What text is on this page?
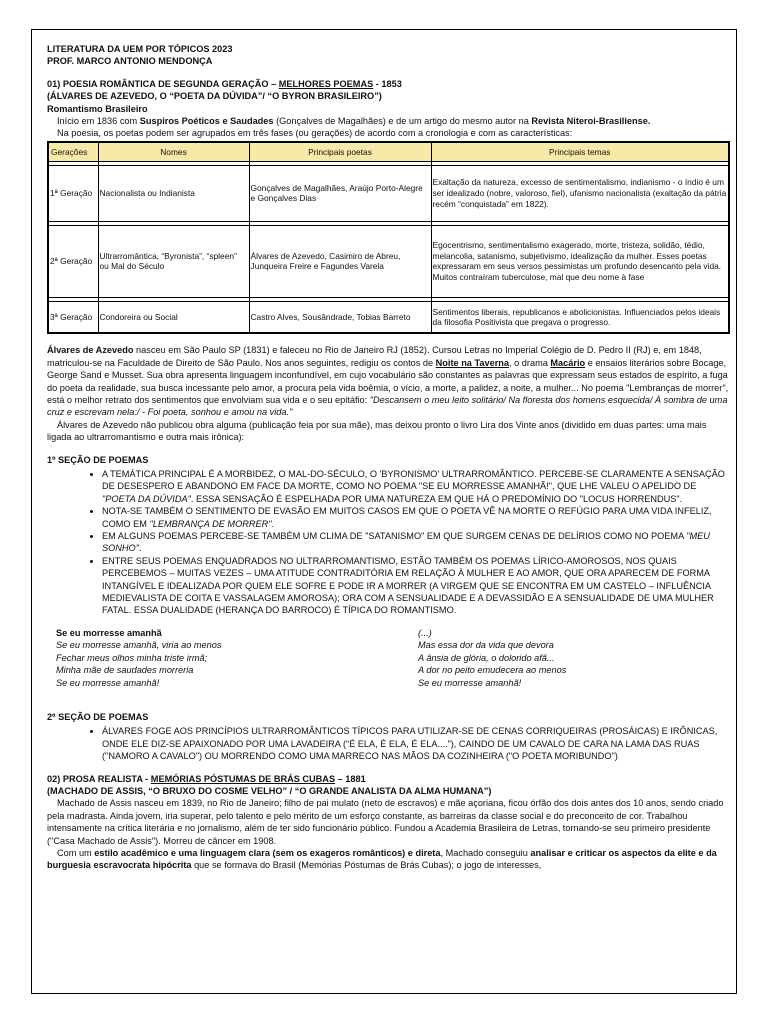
LITERATURA DA UEM POR TÓPICOS 2023

PROF. MARCO ANTONIO MENDONÇA

01) POESIA ROMÂNTICA DE SEGUNDA GERAÇÃO – MELHORES POEMAS - 1853

(ÁLVARES DE AZEVEDO, O “POETA DA DÚVIDA”/ “O BYRON BRASILEIRO”)

Romantismo Brasileiro

Início em 1836 com Suspiros Poéticos e Saudades (Gonçalves de Magalhães) e de um artigo do mesmo autor na Revista Niteroi-Brasiliense.

Na poesia, os poetas podem ser agrupados em três fases (ou gerações) de acordo com a cronologia e com as características:

Gerações	Nomes	Principais poetas	Principais temas

1ª Geração	Nacionalista ou Indianista	Gonçalves de Magalhães, Araújo Porto-Alegre e Gonçalves Dias	Exaltação da natureza, excesso de sentimentalismo, indianismo - o índio é um ser idealizado (nobre, valoroso, fiel), ufanismo nacionalista (exaltação da pátria recém “conquistada” em 1822).

2ª Geração	Ultrarromântica, “Byronista”, “spleen” ou Mal do Século	Álvares de Azevedo, Casimiro de Abreu, Junqueira Freire e Fagundes Varela	Egocentrismo, sentimentalismo exagerado, morte, tristeza, solidão, tédio, melancolia, satanismo, subjetivismo, idealização da mulher. Esses poetas expressaram em seus versos pessimistas um profundo desencanto pela vida. Muitos contraíram tuberculose, mal que deu nome à fase

3ª Geração	Condoreira ou Social	Castro Alves, Sousândrade, Tobias Barreto	Sentimentos liberais, republicanos e abolicionistas. Influenciados pelos ideais da filosofia Positivista que pregava o progresso.

Álvares de Azevedo nasceu em São Paulo SP (1831) e faleceu no Rio de Janeiro RJ (1852). Cursou Letras no Imperial Colégio de D. Pedro II (RJ) e, em 1848, matriculou-se na Faculdade de Direito de São Paulo. Nos anos seguintes, redigiu os contos de Noite na Taverna, o drama Macário e ensaios literários sobre Bocage, George Sand e Musset. Sua obra apresenta linguagem inconfundível, em cujo vocabulário são constantes as palavras que expressam seus estados de espírito, a fuga do poeta da realidade, sua busca incessante pelo amor, a procura pela vida boêmia, o vício, a morte, a palidez, a noite, a mulher... No poema "Lembranças de morrer", está o melhor retrato dos sentimentos que envolviam sua vida e o seu epitáfio: "Descansem o meu leito solitário/ Na floresta dos homens esquecida/ À sombra de uma cruz e escrevam nela:/ - Foi poeta, sonhou e amou na vida."

Álvares de Azevedo não publicou obra alguma (publicação feia por sua mãe), mas deixou pronto o livro Lira dos Vinte anos (dividido em duas partes: uma mais ligada ao ultrarromantismo e outra mais irônica):

1º SEÇÃO DE POEMAS

• A TEMÁTICA PRINCIPAL É A MORBIDEZ, O MAL-DO-SÉCULO, O 'BYRONISMO' ULTRARROMÂNTICO. PERCEBE-SE CLARAMENTE A SENSAÇÃO DE DESESPERO E ABANDONO EM FACE DA MORTE, COMO NO POEMA "SE EU MORRESSE AMANHÃ!", QUE LHE VALEU O APELIDO DE "POETA DA DÚVIDA". ESSA SENSAÇÃO É ESPELHADA POR UMA NATUREZA EM QUE HÁ O PREDOMÍNIO DO "LOCUS HORRENDUS".
• NOTA-SE TAMBÉM O SENTIMENTO DE EVASÃO EM MUITOS CASOS EM QUE O POETA VÊ NA MORTE O REFÚGIO PARA UMA VIDA INFELIZ, COMO EM "LEMBRANÇA DE MORRER".
• EM ALGUNS POEMAS PERCEBE-SE TAMBÉM UM CLIMA DE "SATANISMO" EM QUE SURGEM CENAS DE DELÍRIOS COMO NO POEMA "MEU SONHO".
• ENTRE SEUS POEMAS ENQUADRADOS NO ULTRARROMANTISMO, ESTÃO TAMBÉM OS POEMAS LÍRICO-AMOROSOS, NOS QUAIS PERCEBEMOS – MUITAS VEZES – UMA ATITUDE CONTRADITÓRIA EM RELAÇÃO À MULHER E AO AMOR, QUE ORA APARECEM DE FORMA INTANGÍVEL E IDEALIZADA POR QUEM ELE SOFRE E PODE IR A MORRER (A VIRGEM QUE SE ENCONTRA EM UM CASTELO – INFLUÊNCIA MEDIEVALISTA DE COITA E VASSALAGEM AMOROSA); ORA COM A SENSUALIDADE E A DEVASSIDÃO E A SENSUALIDADE DE UMA MULHER FATAL. ESSA DUALIDADE (HERANÇA DO BARROCO) É TÍPICA DO ROMANTISMO.

Se eu morresse amanhã

Se eu morresse amanhã, viria ao menos

Fechar meus olhos minha triste irmã;

Minha mãe de saudades morreria

Se eu morresse amanhã!

(...)

Mas essa dor da vida que devora

A ânsia de glória, o dolorido afã...

A dor no peito emudecera ao menos

Se eu morresse amanhã!

2ª SEÇÃO DE POEMAS

• ÁLVARES FOGE AOS PRINCÍPIOS ULTRARROMÂNTICOS TÍPICOS PARA UTILIZAR-SE DE CENAS CORRIQUEIRAS (PROSÁICAS) E IRÔNICAS, ONDE ELE DIZ-SE APAIXONADO POR UMA LAVADEIRA (“É ELA, É ELA, É ELA....”), CAINDO DE UM CAVALO DE CARA NA LAMA DAS RUAS ("NAMORO A CAVALO") OU MORRENDO COMO UMA MARRECO NAS MÃOS DA COZINHEIRA ("O POETA MORIBUNDO")

02) PROSA REALISTA - MEMÓRIAS PÓSTUMAS DE BRÁS CUBAS – 1881

(MACHADO DE ASSIS, “O BRUXO DO COSME VELHO” / “O GRANDE ANALISTA DA ALMA HUMANA”)

Machado de Assis nasceu em 1839, no Rio de Janeiro; filho de pai mulato (neto de escravos) e mãe açoriana, ficou órfão dos dois antes dos 10 anos, sendo criado pela madrasta. Ainda jovem, iria superar, pelo talento e pelo mérito de um esforço constante, as barreiras da classe social e do preconceito de cor. Trabalhou intensamente na crítica literária e no jornalismo, além de ter sido funcionário público. Fundou a Academia Brasileira de Letras, tornando-se seu primeiro presidente ("Casa Machado de Assis"). Morreu de câncer em 1908.

Com um estilo acadêmico e uma linguagem clara (sem os exageros românticos) e direta, Machado conseguiu analisar e criticar os aspectos da elite e da burguesia escravocrata hipócrita que se formava do Brasil (Memórias Póstumas de Brás Cubas); o jogo de interesses,
